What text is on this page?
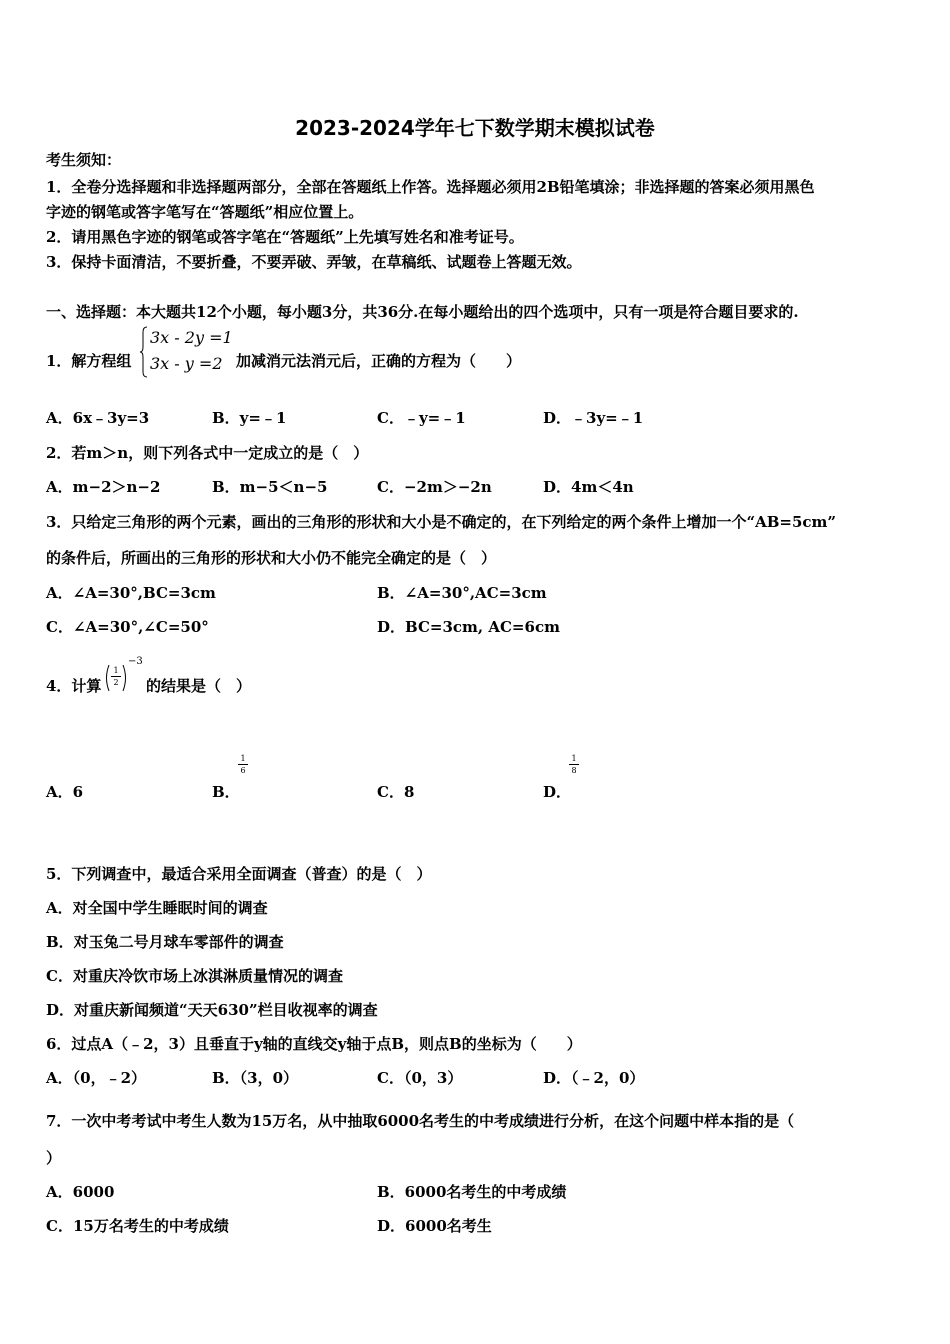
2023-2024学年七下数学期末模拟试卷
考生须知：
1．全卷分选择题和非选择题两部分，全部在答题纸上作答。选择题必须用2B铅笔填涂；非选择题的答案必须用黑色
字迹的钢笔或答字笔写在“答题纸”相应位置上。
2．请用黑色字迹的钢笔或答字笔在“答题纸”上先填写姓名和准考证号。
3．保持卡面清洁，不要折叠，不要弄破、弄皱，在草稿纸、试题卷上答题无效。
一、选择题：本大题共12个小题，每小题3分，共36分.在每小题给出的四个选项中，只有一项是符合题目要求的.
1．解方程组
3x - 2y =1
3x - y =2 加减消元法消元后，正确的方程为（　　）
A．6x﹣3y=3	B．y=﹣1	C．﹣y=﹣1	D．﹣3y=﹣1
2．若m＞n，则下列各式中一定成立的是（　）
A．m−2＞n−2	B．m−5＜n−5	C．−2m＞−2n	D．4m＜4n
3．只给定三角形的两个元素，画出的三角形的形状和大小是不确定的，在下列给定的两个条件上增加一个“AB=5cm”
的条件后，所画出的三角形的形状和大小仍不能完全确定的是（　）
A．∠A=30°,BC=3cm	B．∠A=30°,AC=3cm
C．∠A=30°,∠C=50°	D．BC=3cm, AC=6cm
4．计算
1
2
−3
的结果是（　）
A．6	B．
1
6
C．8	D．
1
8
5．下列调查中，最适合采用全面调查（普查）的是（　）
A．对全国中学生睡眠时间的调查
B．对玉兔二号月球车零部件的调查
C．对重庆冷饮市场上冰淇淋质量情况的调查
D．对重庆新闻频道“天天630”栏目收视率的调查
6．过点A（﹣2，3）且垂直于y轴的直线交y轴于点B，则点B的坐标为（　　）
A．（0，﹣2）	B．（3，0）	C．（0，3）	D．（﹣2，0）
7．一次中考考试中考生人数为15万名，从中抽取6000名考生的中考成绩进行分析，在这个问题中样本指的是（
）
A．6000	B．6000名考生的中考成绩
C．15万名考生的中考成绩	D．6000名考生
